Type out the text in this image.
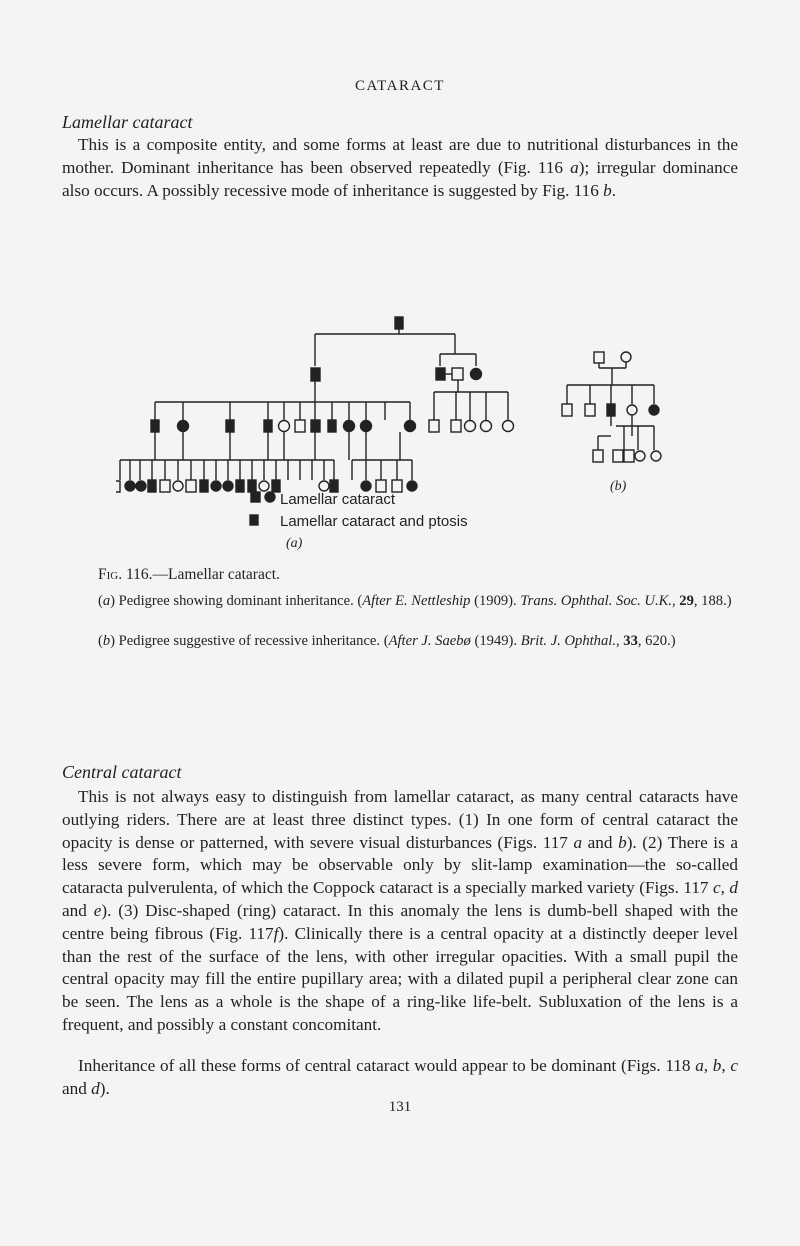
CATARACT
Lamellar cataract

This is a composite entity, and some forms at least are due to nutritional disturbances in the mother. Dominant inheritance has been observed repeatedly (Fig. 116 a); irregular dominance also occurs. A possibly recessive mode of inheritance is suggested by Fig. 116 b.

Lamellar cataract
Lamellar cataract and ptosis
(a)
(b)
Fig. 116.—Lamellar cataract.

(a) Pedigree showing dominant inheritance. (After E. Nettleship (1909). Trans. Ophthal. Soc. U.K., 29, 188.)

(b) Pedigree suggestive of recessive inheritance. (After J. Saebø (1949). Brit. J. Ophthal., 33, 620.)

Central cataract

This is not always easy to distinguish from lamellar cataract, as many central cataracts have outlying riders. There are at least three distinct types. (1) In one form of central cataract the opacity is dense or patterned, with severe visual disturbances (Figs. 117 a and b). (2) There is a less severe form, which may be observable only by slit-lamp examination—the so-called cataracta pulverulenta, of which the Coppock cataract is a specially marked variety (Figs. 117 c, d and e). (3) Disc-shaped (ring) cataract. In this anomaly the lens is dumb-bell shaped with the centre being fibrous (Fig. 117f). Clinically there is a central opacity at a distinctly deeper level than the rest of the surface of the lens, with other irregular opacities. With a small pupil the central opacity may fill the entire pupillary area; with a dilated pupil a peripheral clear zone can be seen. The lens as a whole is the shape of a ring-like life-belt. Subluxation of the lens is a frequent, and possibly a constant concomitant.

Inheritance of all these forms of central cataract would appear to be dominant (Figs. 118 a, b, c and d).

131
